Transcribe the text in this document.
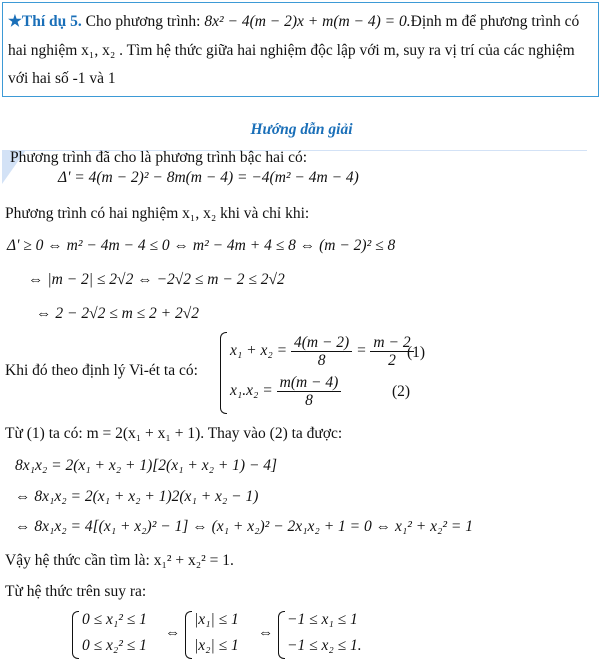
★Thí dụ 5. Cho phương trình: 8x² − 4(m − 2)x + m(m − 4) = 0.Định m để phương trình có
hai nghiệm x₁, x₂ . Tìm hệ thức giữa hai nghiệm độc lập với m, suy ra vị trí của các nghiệm
với hai số -1 và 1
Hướng dẫn giải
Phương trình đã cho là phương trình bậc hai có:
Δ' = 4(m − 2)² − 8m(m − 4) = −4(m² − 4m − 4)
Phương trình có hai nghiệm x₁, x₂ khi và chỉ khi:
Δ' ≥ 0 ⇔ m² − 4m − 4 ≤ 0 ⇔ m² − 4m + 4 ≤ 8 ⇔ (m − 2)² ≤ 8
⇔ |m − 2| ≤ 2√2 ⇔ −2√2 ≤ m − 2 ≤ 2√2
⇔ 2 − 2√2 ≤ m ≤ 2 + 2√2
Khi đó theo định lý Vi-ét ta có:
$x_1 + x_2 = \frac{4(m - 2)}{8} = \frac{m - 2}{2}$
(1)
$x_1.x_2 = \frac{m(m - 4)}{8}$	(2)
Từ (1) ta có: m = 2(x₁ + x₁ + 1). Thay vào (2) ta được:
8x₁x₂ = 2(x₁ + x₂ + 1)[2(x₁ + x₂ + 1) − 4]
⇔ 8x₁x₂ = 2(x₁ + x₂ + 1)2(x₁ + x₂ − 1)
⇔ 8x₁x₂ = 4[(x₁ + x₂)² − 1] ⇔ (x₁ + x₂)² − 2x₁x₂ + 1 = 0 ⇔ x₁² + x₂² = 1
Vậy hệ thức cần tìm là: x₁² + x₂² = 1.
Từ hệ thức trên suy ra:
0 ≤ x₁² ≤ 1
0 ≤ x₂² ≤ 1
⇔
|x₁| ≤ 1
|x₂| ≤ 1
⇔
−1 ≤ x₁ ≤ 1
−1 ≤ x₂ ≤ 1.
